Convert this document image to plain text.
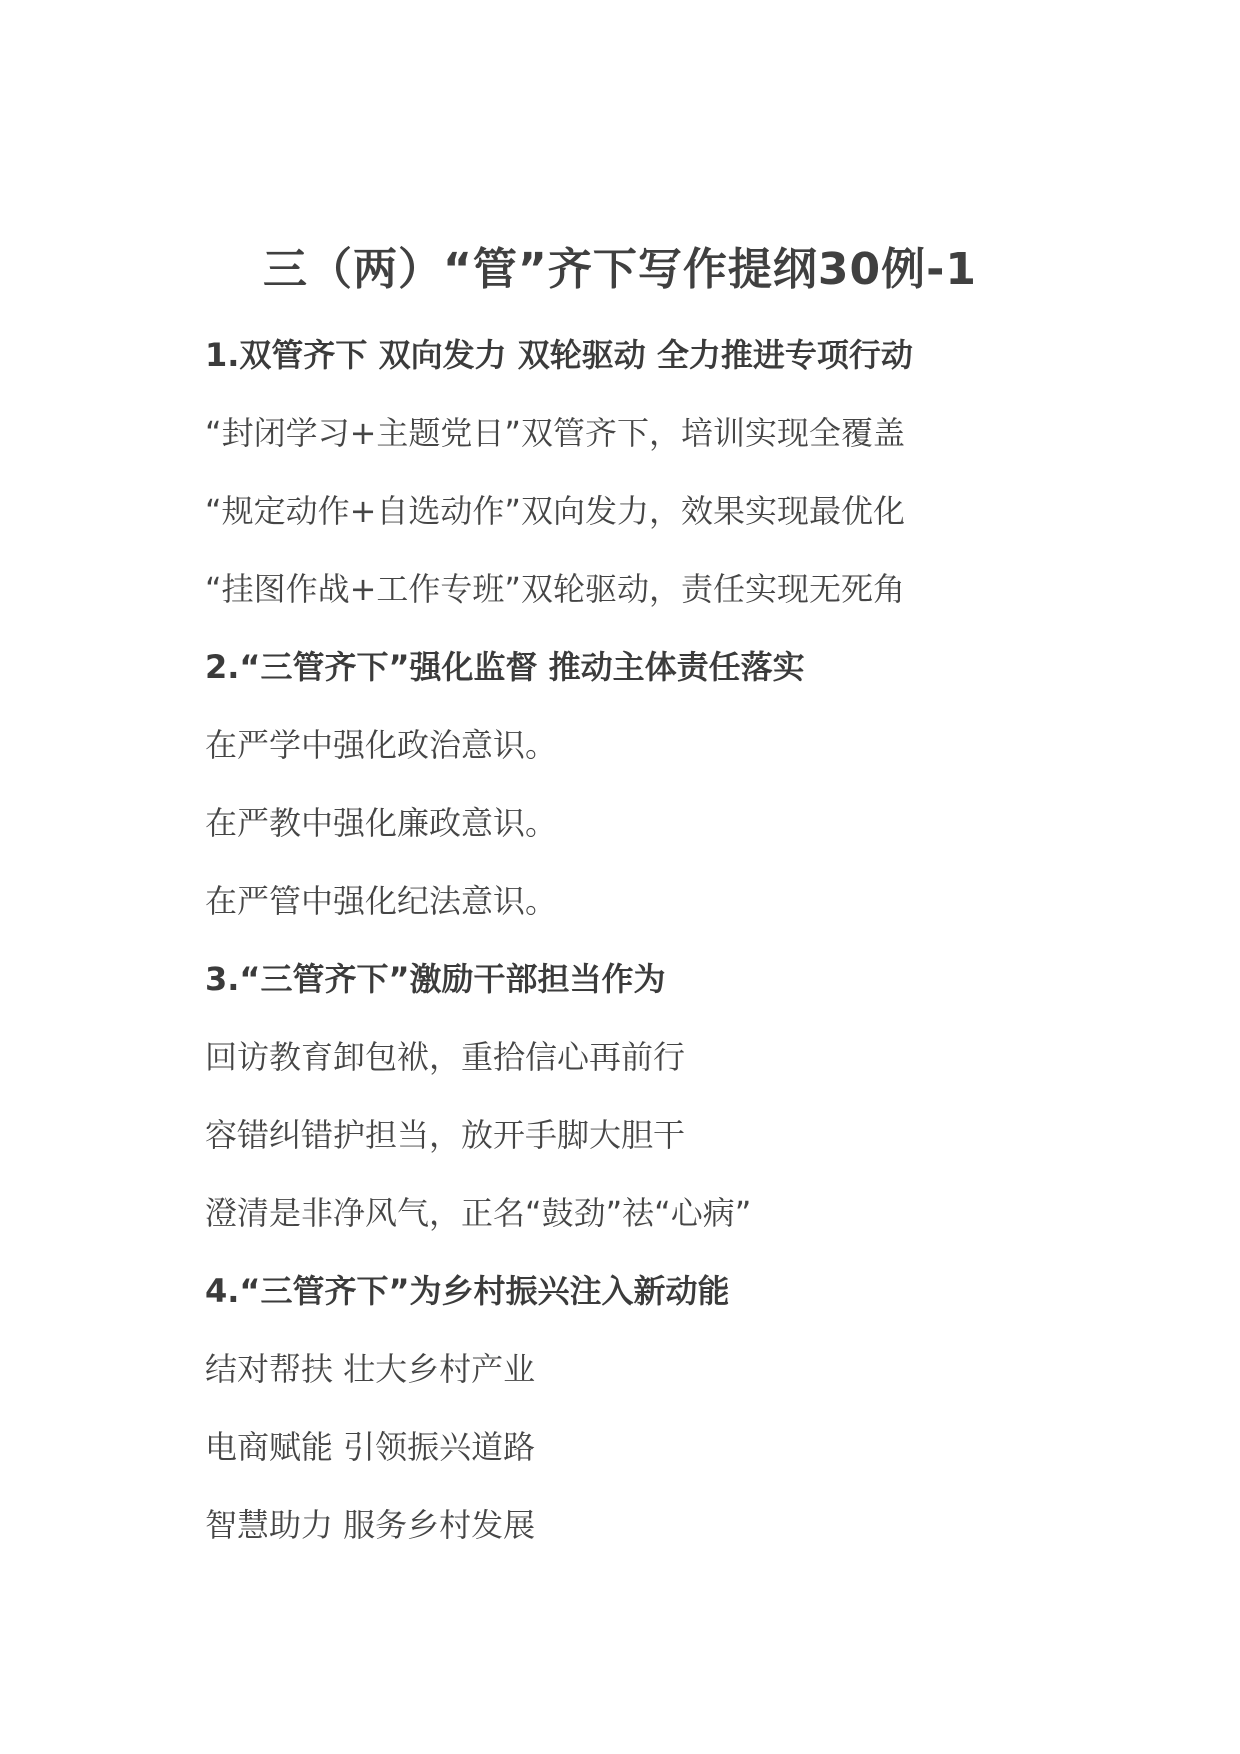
三（两）“管”齐下写作提纲30例-1
1.双管齐下 双向发力 双轮驱动 全力推进专项行动
“封闭学习+主题党日”双管齐下，培训实现全覆盖
“规定动作+自选动作”双向发力，效果实现最优化
“挂图作战+工作专班”双轮驱动，责任实现无死角
2.“三管齐下”强化监督 推动主体责任落实
在严学中强化政治意识。
在严教中强化廉政意识。
在严管中强化纪法意识。
3.“三管齐下”激励干部担当作为
回访教育卸包袱，重拾信心再前行
容错纠错护担当，放开手脚大胆干
澄清是非净风气，正名“鼓劲”祛“心病”
4.“三管齐下”为乡村振兴注入新动能
结对帮扶 壮大乡村产业
电商赋能 引领振兴道路
智慧助力 服务乡村发展
